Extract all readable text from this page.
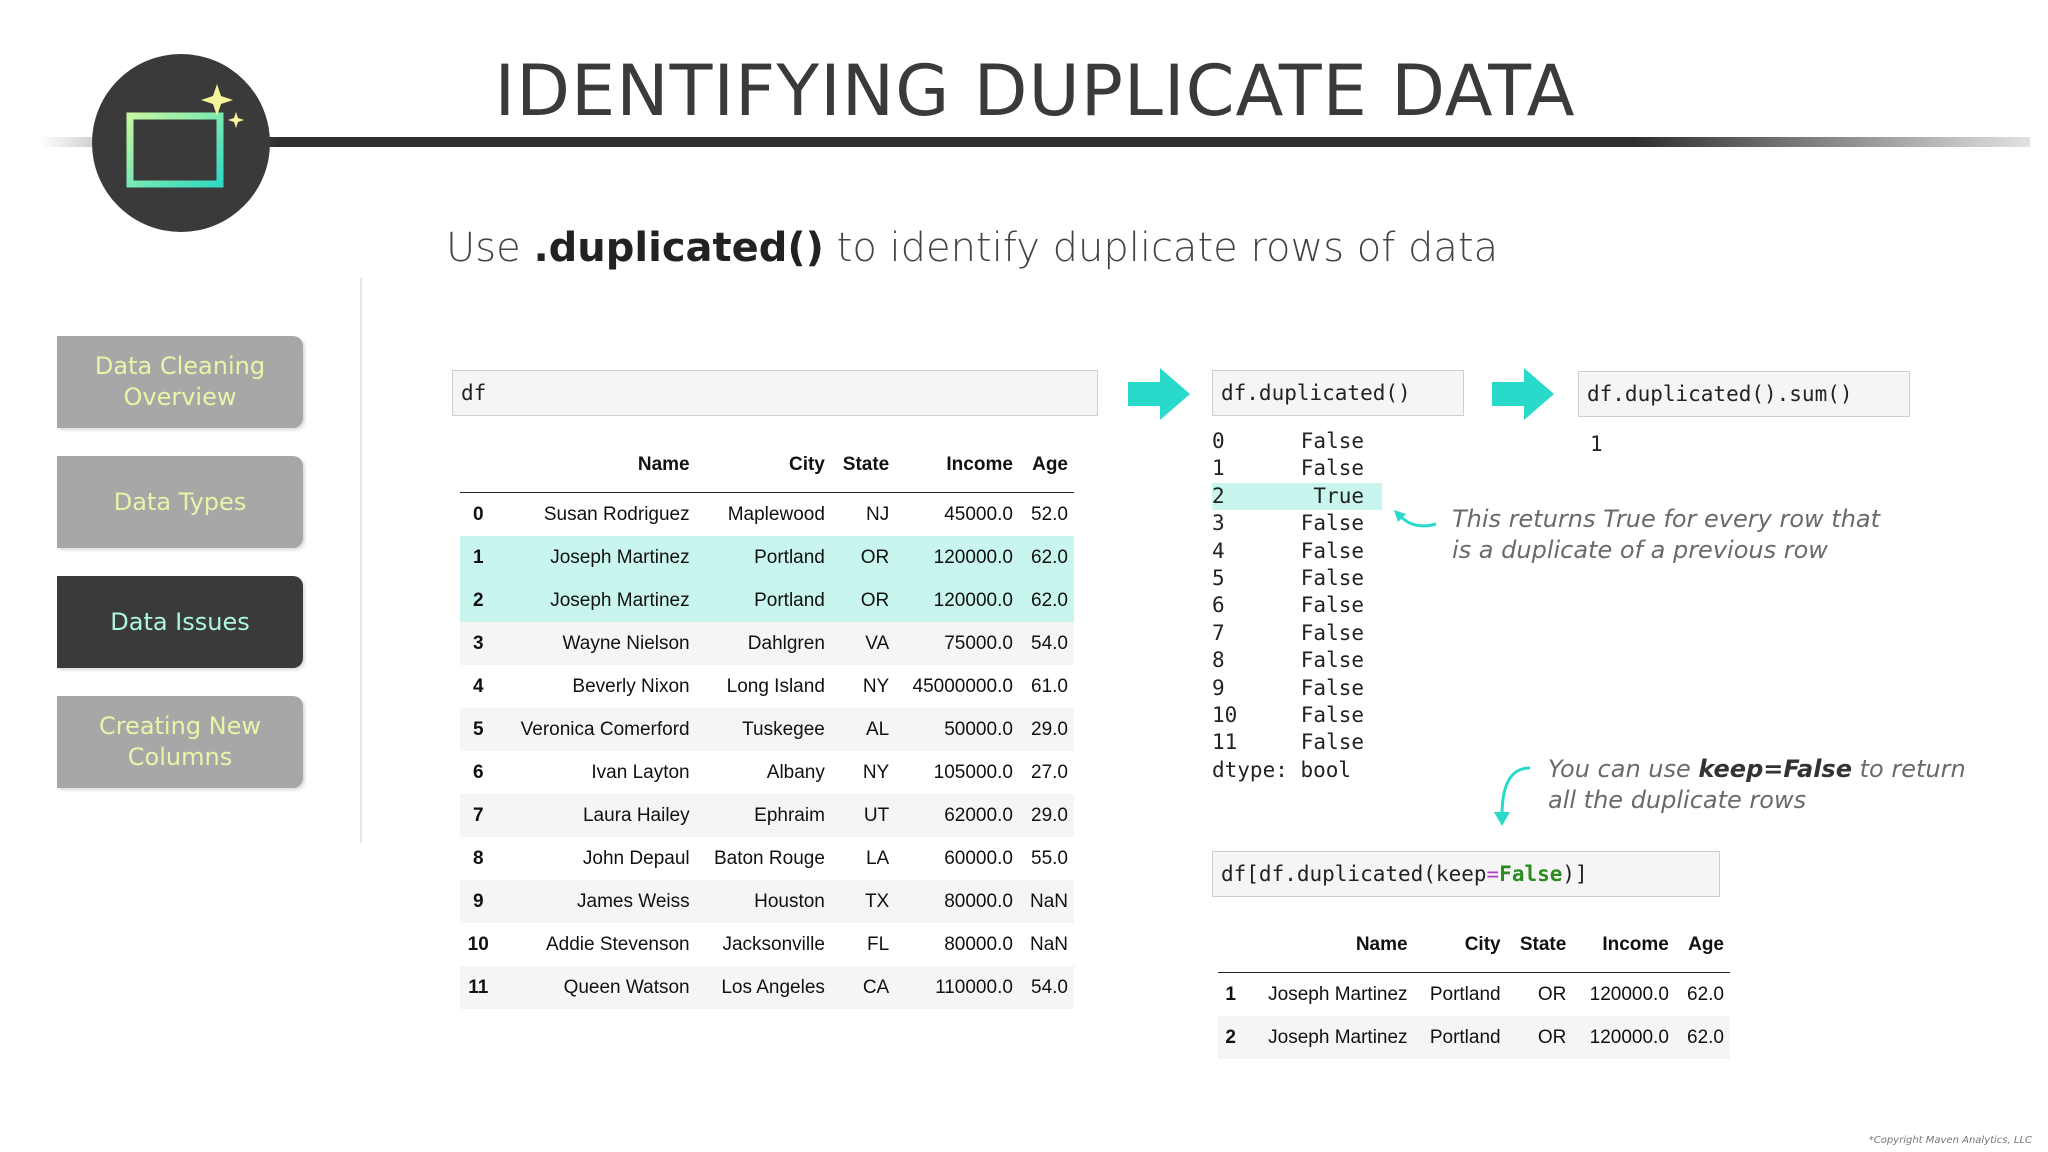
IDENTIFYING DUPLICATE DATA
Use .duplicated() to identify duplicate rows of data
Data Cleaning
Overview
Data Types
Data Issues
Creating New
Columns
df	df.duplicated()	df.duplicated().sum()
df[df.duplicated(keep = False )]
	Name	City	State	Income	Age
0	Susan Rodriguez	Maplewood	NJ	45000.0	52.0
1	Joseph Martinez	Portland	OR	120000.0	62.0
2	Joseph Martinez	Portland	OR	120000.0	62.0
3	Wayne Nielson	Dahlgren	VA	75000.0	54.0
4	Beverly Nixon	Long Island	NY	45000000.0	61.0
5	Veronica Comerford	Tuskegee	AL	50000.0	29.0
6	Ivan Layton	Albany	NY	105000.0	27.0
7	Laura Hailey	Ephraim	UT	62000.0	29.0
8	John Depaul	Baton Rouge	LA	60000.0	55.0
9	James Weiss	Houston	TX	80000.0	NaN
10	Addie Stevenson	Jacksonville	FL	80000.0	NaN
11	Queen Watson	Los Angeles	CA	110000.0	54.0
0	False
1	False
2	True
3	False
4	False
5	False
6	False
7	False
8	False
9	False
10	False
11	False
dtype: bool
This returns True for every row that
is a duplicate of a previous row
1
You can use keep=False to return
all the duplicate rows
	Name	City	State	Income	Age
1	Joseph Martinez	Portland	OR	120000.0	62.0
2	Joseph Martinez	Portland	OR	120000.0	62.0
*Copyright Maven Analytics, LLC
